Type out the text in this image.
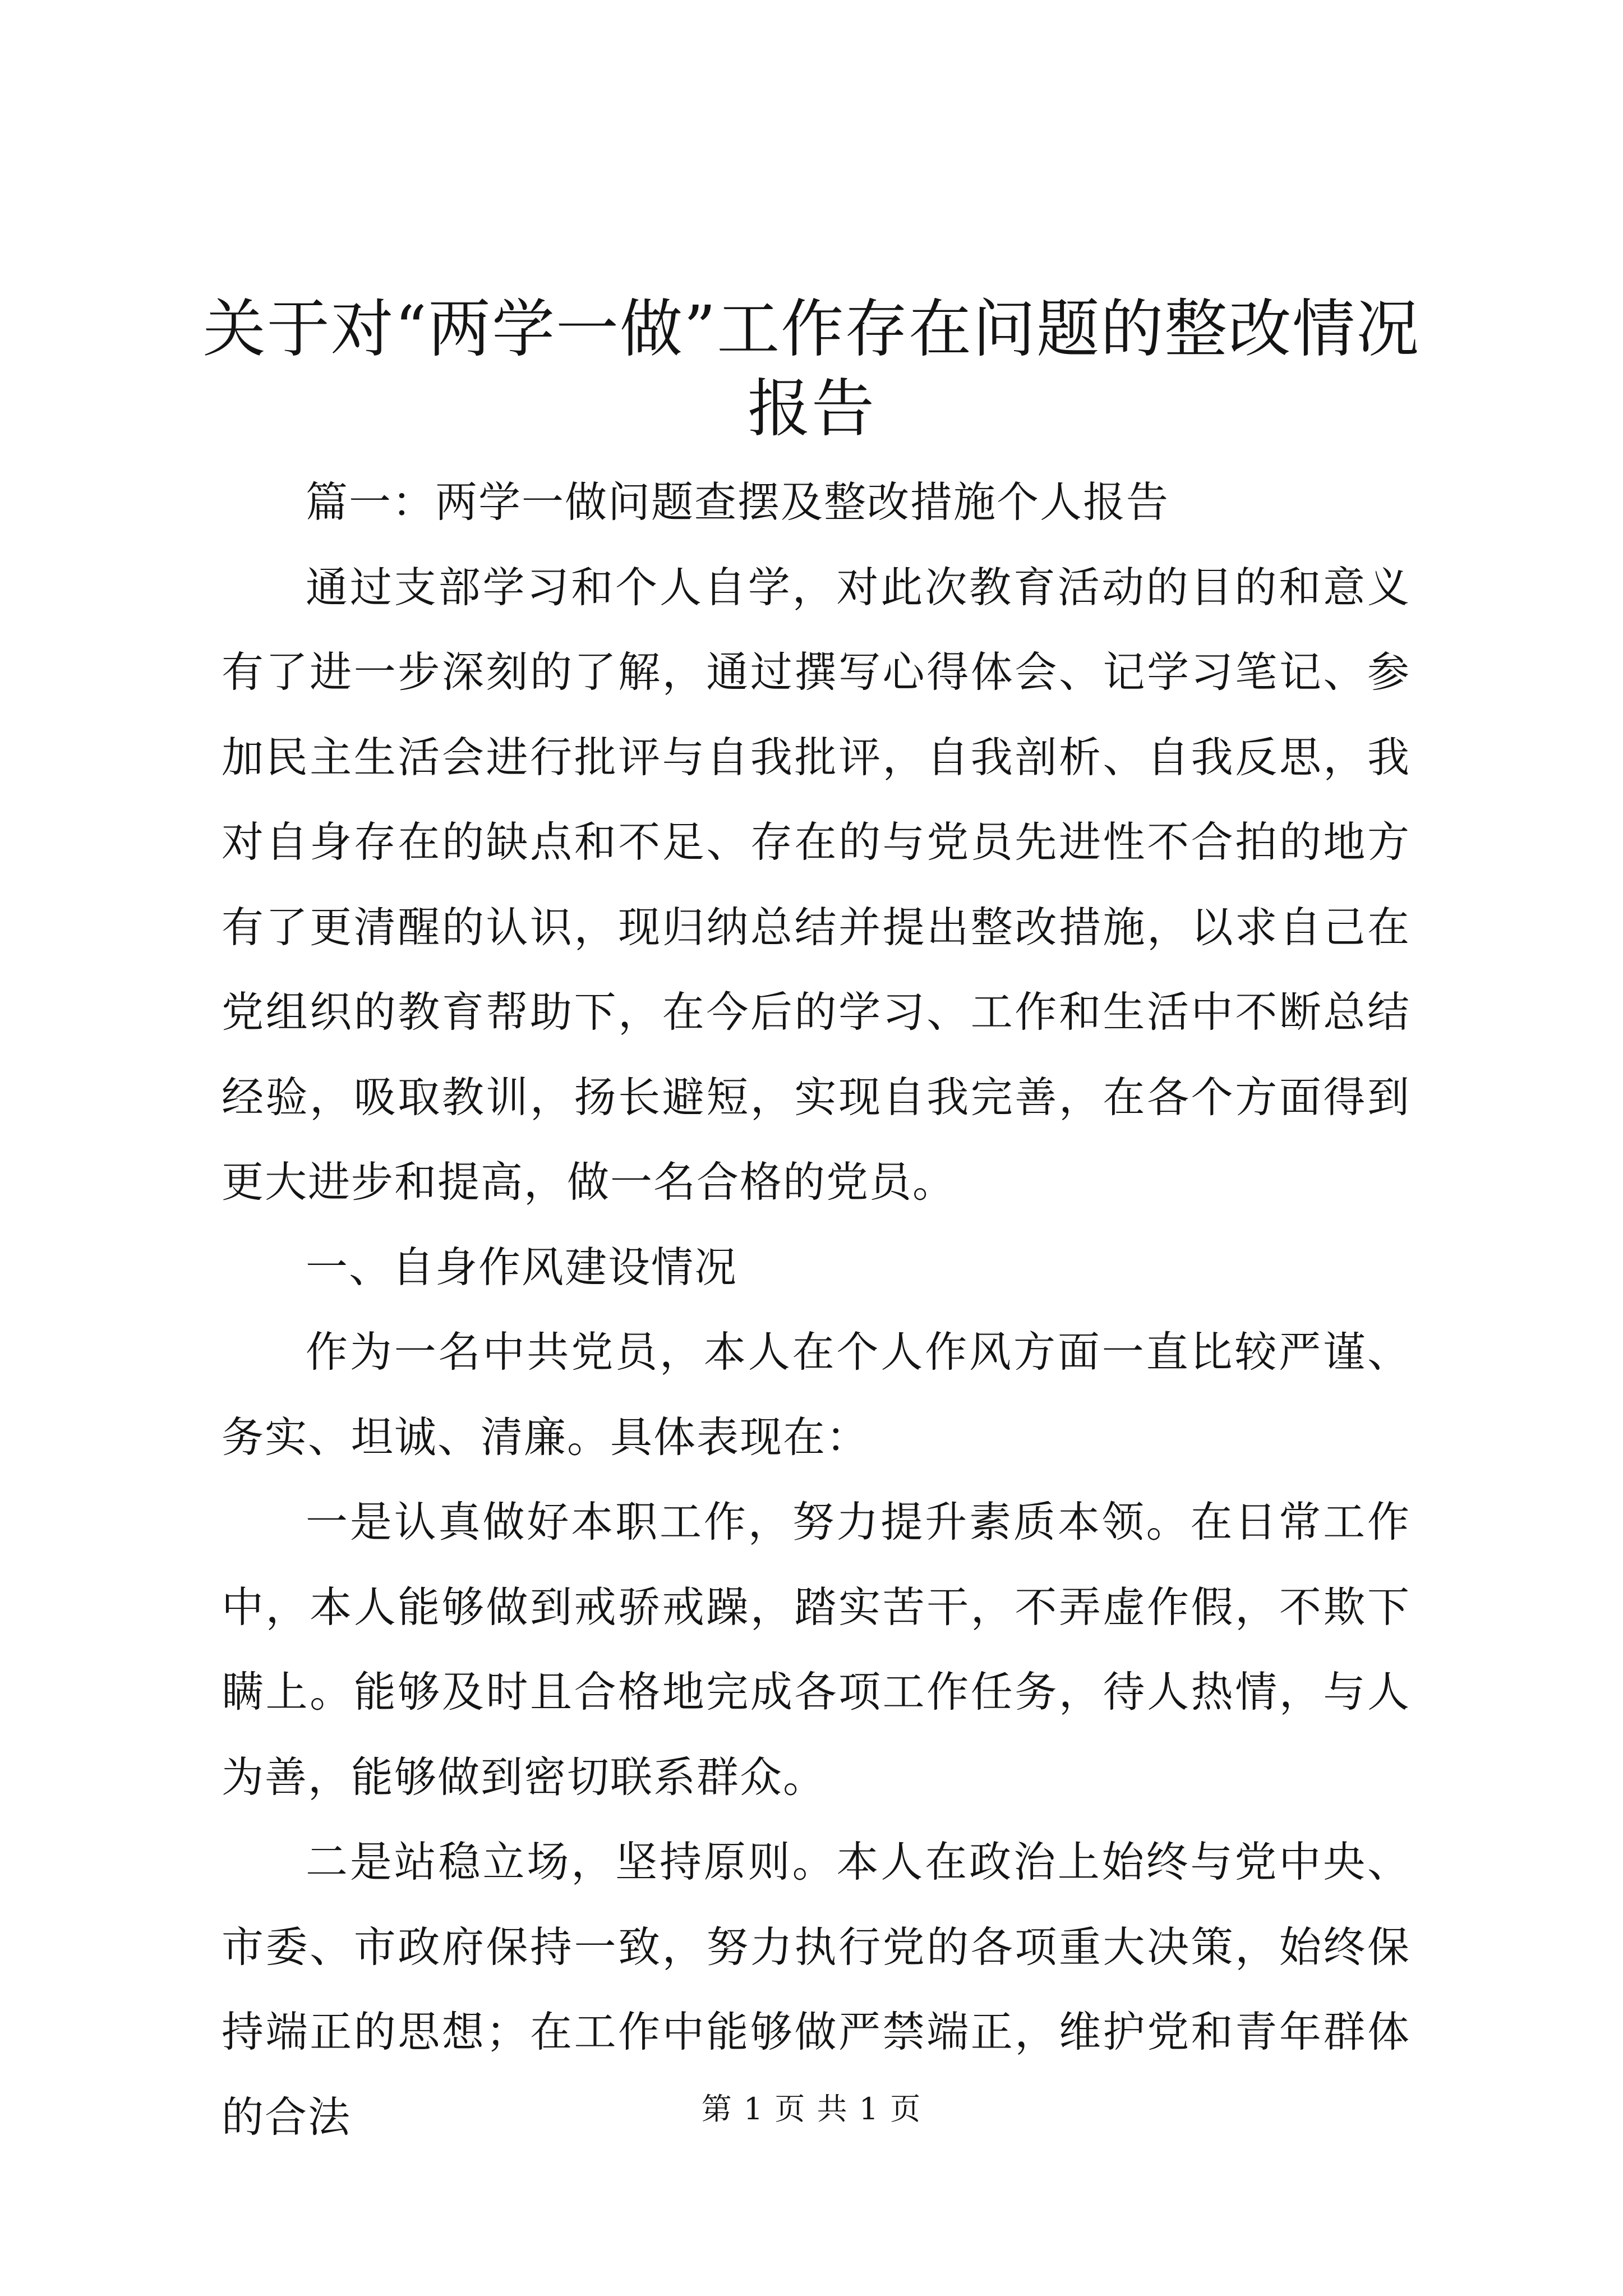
关于对“两学一做”工作存在问题的整改情况
报告

篇一：两学一做问题查摆及整改措施个人报告

通过支部学习和个人自学，对此次教育活动的目的和意义有了进一步深刻的了解，通过撰写心得体会、记学习笔记、参加民主生活会进行批评与自我批评，自我剖析、自我反思，我对自身存在的缺点和不足、存在的与党员先进性不合拍的地方有了更清醒的认识，现归纳总结并提出整改措施，以求自己在党组织的教育帮助下，在今后的学习、工作和生活中不断总结经验，吸取教训，扬长避短，实现自我完善，在各个方面得到更大进步和提高，做一名合格的党员。

一、自身作风建设情况

作为一名中共党员，本人在个人作风方面一直比较严谨、务实、坦诚、清廉。具体表现在：

一是认真做好本职工作，努力提升素质本领。在日常工作中，本人能够做到戒骄戒躁，踏实苦干，不弄虚作假，不欺下瞒上。能够及时且合格地完成各项工作任务，待人热情，与人为善，能够做到密切联系群众。

二是站稳立场，坚持原则。本人在政治上始终与党中央、市委、市政府保持一致，努力执行党的各项重大决策，始终保持端正的思想；在工作中能够做严禁端正，维护党和青年群体的合法	第 1 页 共 1 页
